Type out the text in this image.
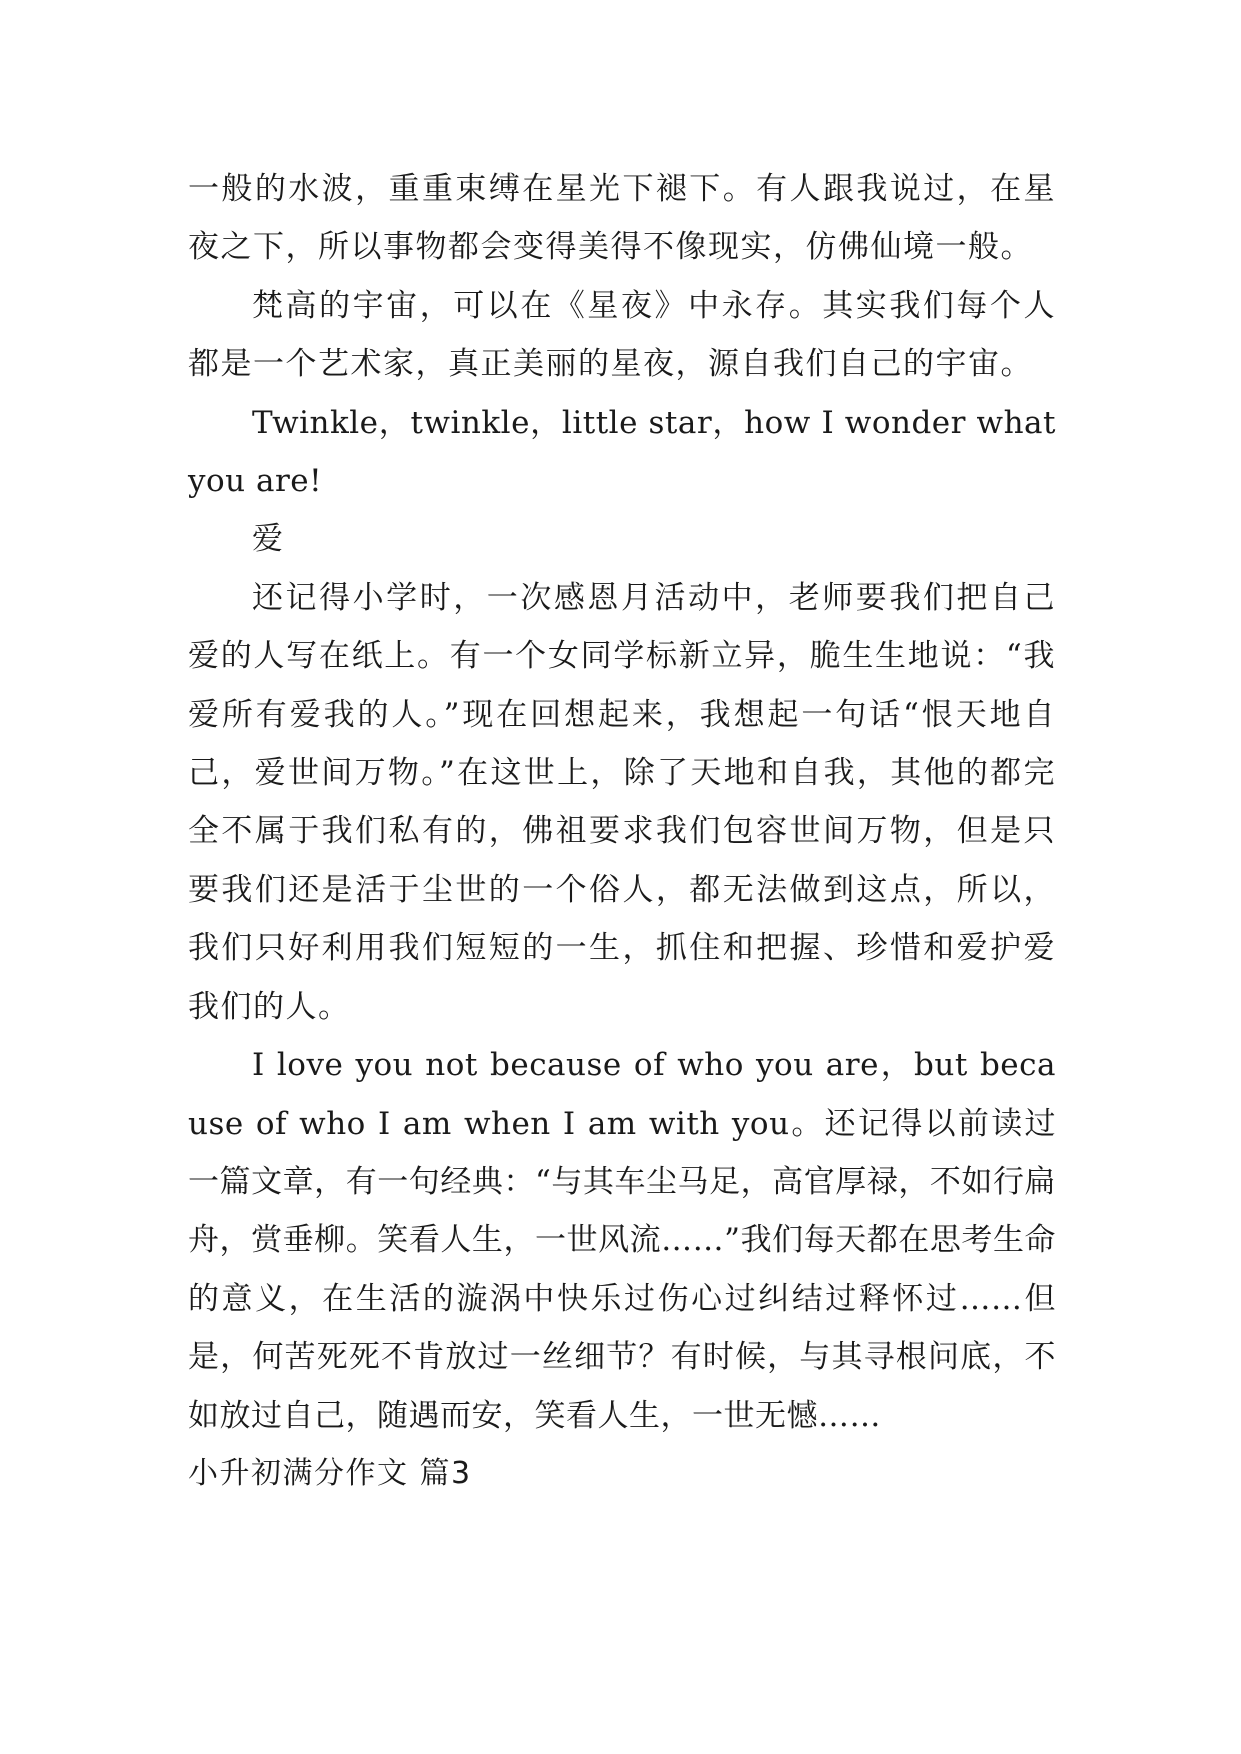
一般的水波，重重束缚在星光下褪下。有人跟我说过，在星夜之下，所以事物都会变得美得不像现实，仿佛仙境一般。

梵高的宇宙，可以在《星夜》中永存。其实我们每个人都是一个艺术家，真正美丽的星夜，源自我们自己的宇宙。

Twinkle，twinkle，little star，how I wonder what you are!

爱

还记得小学时，一次感恩月活动中，老师要我们把自己爱的人写在纸上。有一个女同学标新立异，脆生生地说：“我爱所有爱我的人。”现在回想起来，我想起一句话“恨天地自己，爱世间万物。”在这世上，除了天地和自我，其他的都完全不属于我们私有的，佛祖要求我们包容世间万物，但是只要我们还是活于尘世的一个俗人，都无法做到这点，所以，我们只好利用我们短短的一生，抓住和把握、珍惜和爱护爱我们的人。

I love you not because of who you are，but because of who I am when I am with you。还记得以前读过一篇文章，有一句经典：“与其车尘马足，高官厚禄，不如行扁舟，赏垂柳。笑看人生，一世风流……”我们每天都在思考生命的意义，在生活的漩涡中快乐过伤心过纠结过释怀过……但是，何苦死死不肯放过一丝细节？有时候，与其寻根问底，不如放过自己，随遇而安，笑看人生，一世无憾……

小升初满分作文 篇3
